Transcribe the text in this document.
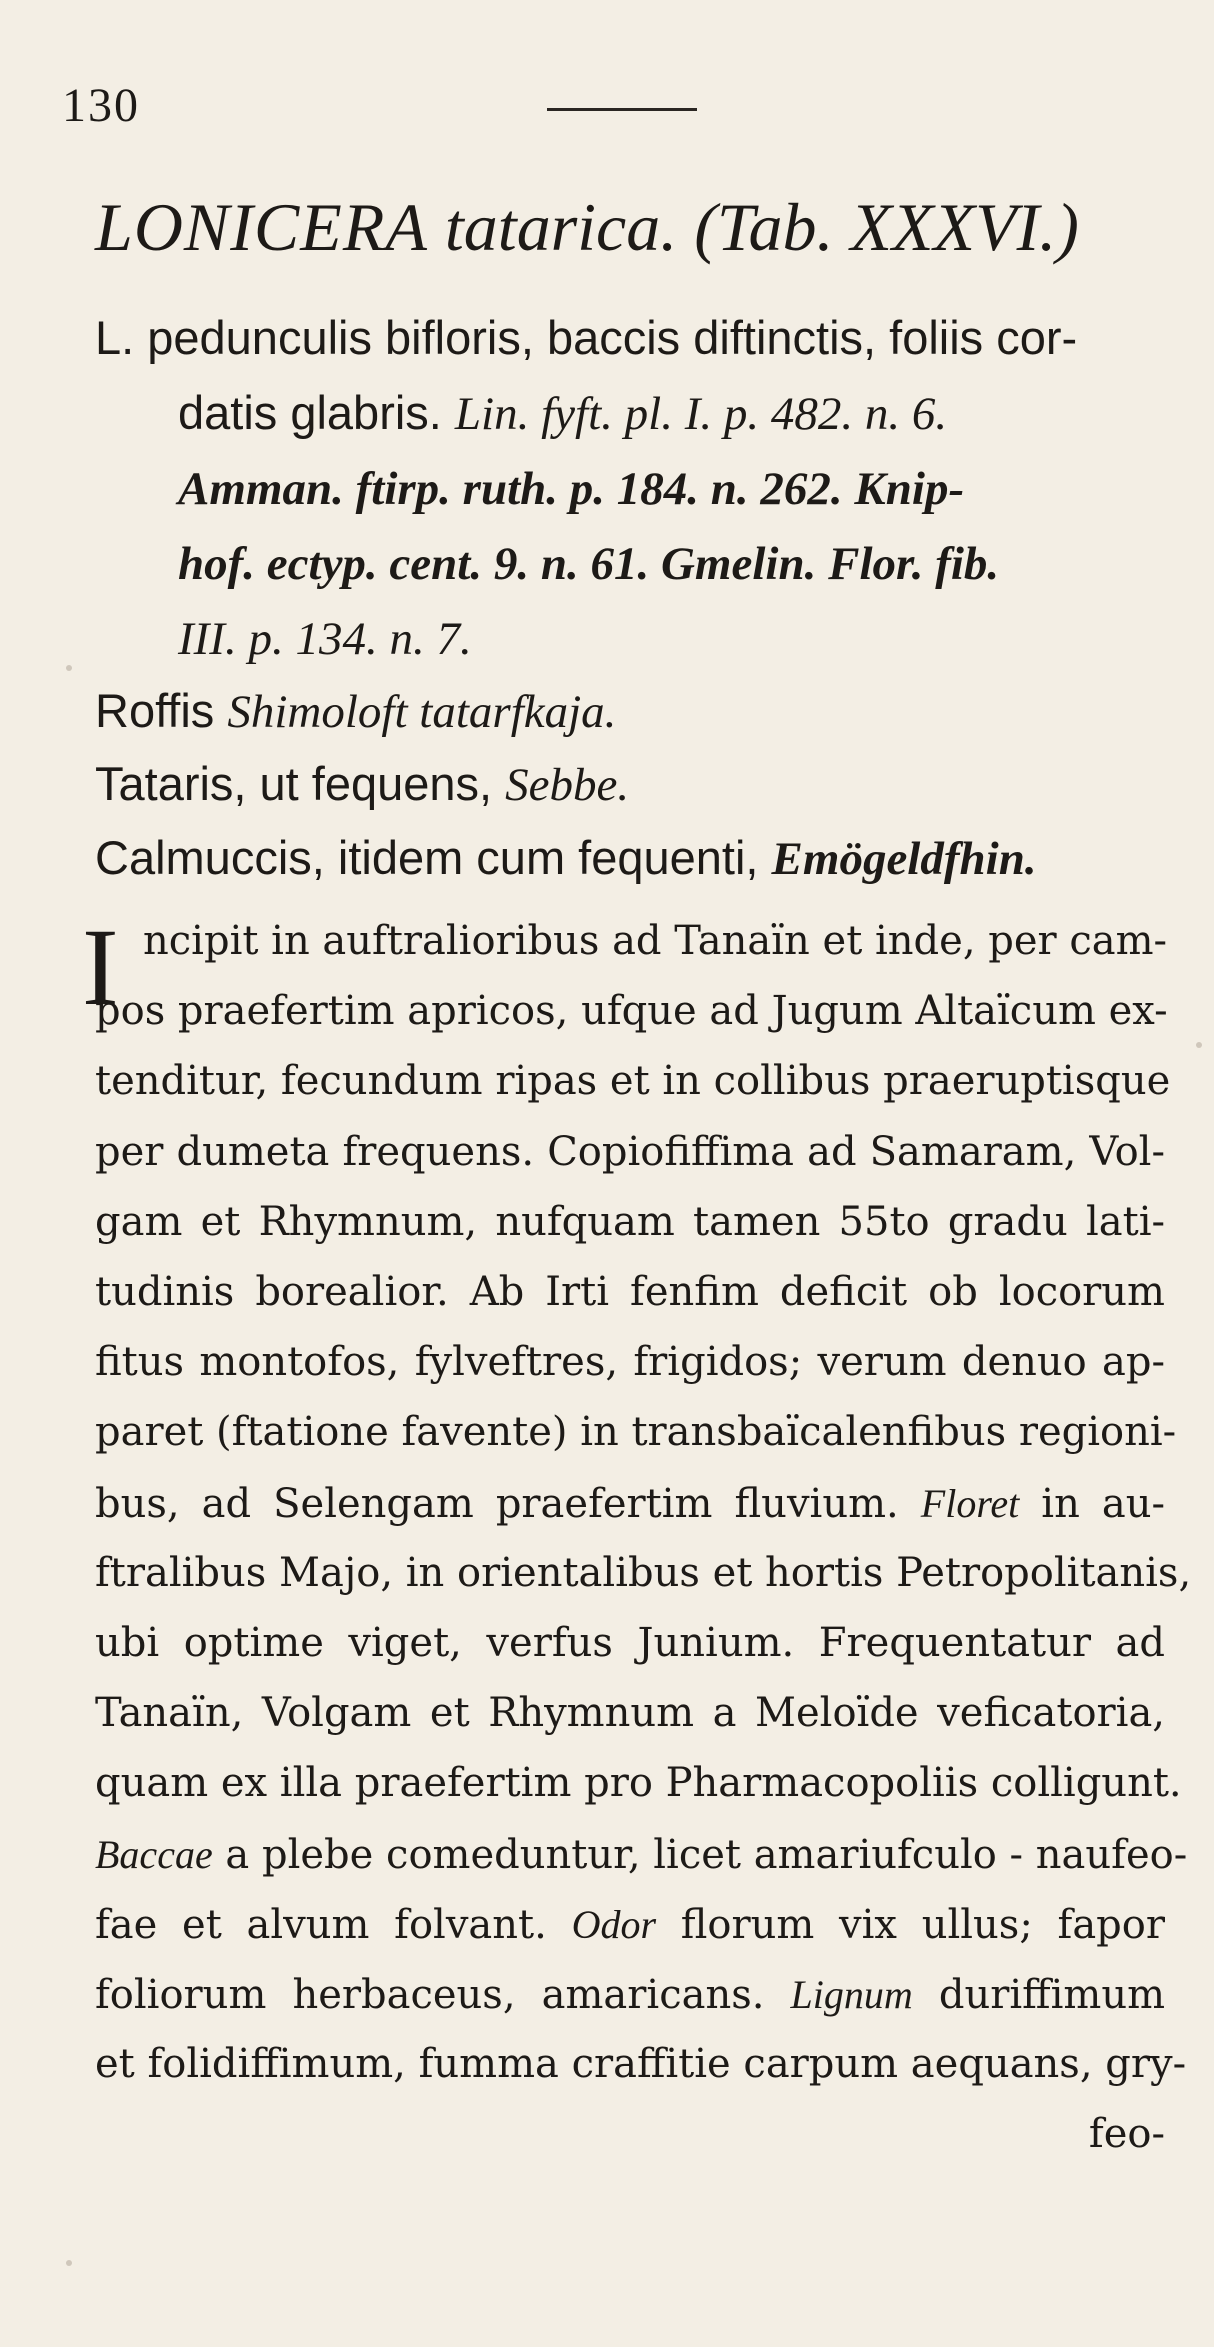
130
LONICERA tatarica. (Tab. XXXVI.)
L. pedunculis bifloris, baccis diftinctis, foliis cor-
datis glabris. Lin. fyft. pl. I. p. 482. n. 6.
Amman. ftirp. ruth. p. 184. n. 262. Knip-
hof. ectyp. cent. 9. n. 61. Gmelin. Flor. fib.
III. p. 134. n. 7.
Roffis Shimoloft tatarfkaja.
Tataris, ut fequens, Sebbe.
Calmuccis, itidem cum fequenti, Emögeldfhin.
I ncipit in auftralioribus ad Tanaïn et inde, per cam-
pos praefertim apricos, ufque ad Jugum Altaïcum ex-
tenditur, fecundum ripas et in collibus praeruptisque
per dumeta frequens. Copiofiffima ad Samaram, Vol-
gam et Rhymnum, nufquam tamen 55to gradu lati-
tudinis borealior. Ab Irti fenfim deficit ob locorum
fitus montofos, fylveftres, frigidos; verum denuo ap-
paret (ftatione favente) in transbaïcalenfibus regioni-
bus, ad Selengam praefertim fluvium. Floret in au-
ftralibus Majo, in orientalibus et hortis Petropolitanis,
ubi optime viget, verfus Junium. Frequentatur ad
Tanaïn, Volgam et Rhymnum a Meloïde veficatoria,
quam ex illa praefertim pro Pharmacopoliis colligunt.
Baccae a plebe comeduntur, licet amariufculo - naufeo-
fae et alvum folvant. Odor florum vix ullus; fapor
foliorum herbaceus, amaricans. Lignum duriffimum
et folidiffimum, fumma craffitie carpum aequans, gry-
feo-
